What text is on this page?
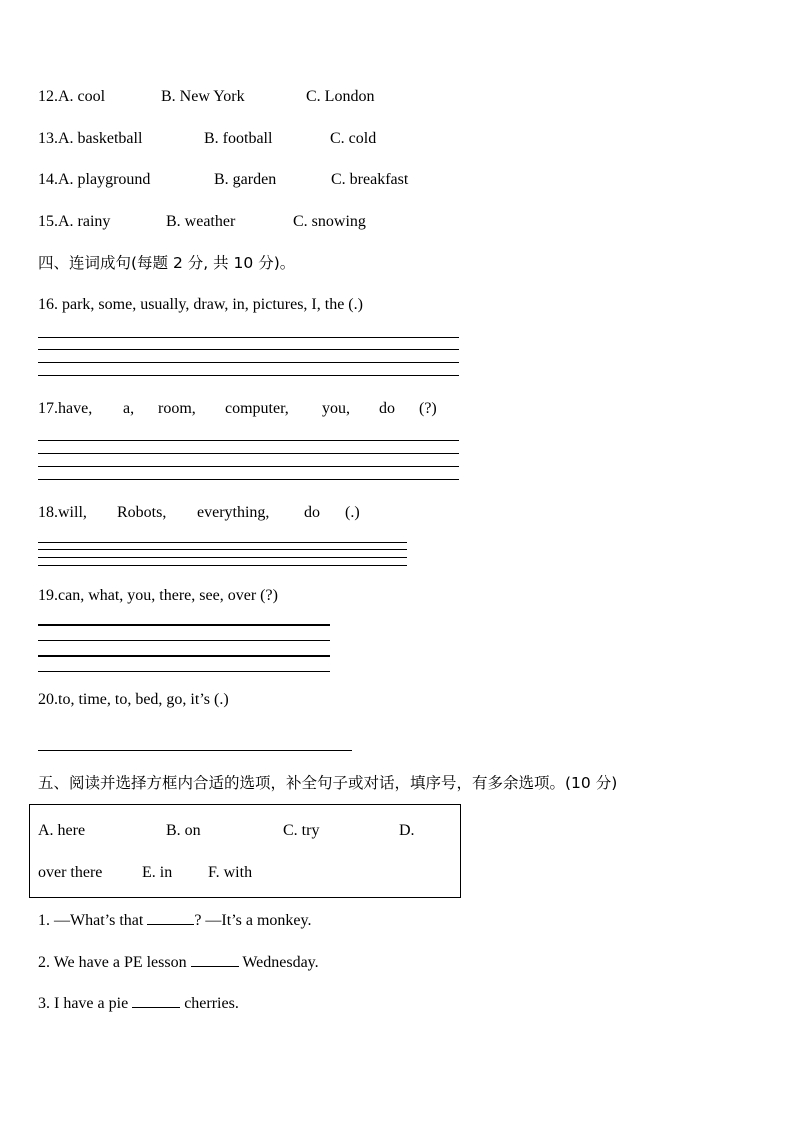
12.A. cool	B. New York	C. London
13.A. basketball	B. football	C. cold
14.A. playground	B. garden	C. breakfast
15.A. rainy	B. weather	C. snowing
四、连词成句(每题 2 分, 共 10 分)。
16. park, some, usually, draw, in, pictures, I, the (.)
17.have, a, room, computer, you, do (?)
18.will, Robots, everything, do (.)
19.can, what, you, there, see, over (?)
20.to, time, to, bed, go, it’s (.)
五、阅读并选择方框内合适的选项，补全句子或对话，填序号，有多余选项。(10 分)
A. here	B. on	C. try	D.
over there E. in F. with
1. —What’s that	? —It’s a monkey.
2. We have a PE lesson	Wednesday.
3. I have a pie	cherries.
